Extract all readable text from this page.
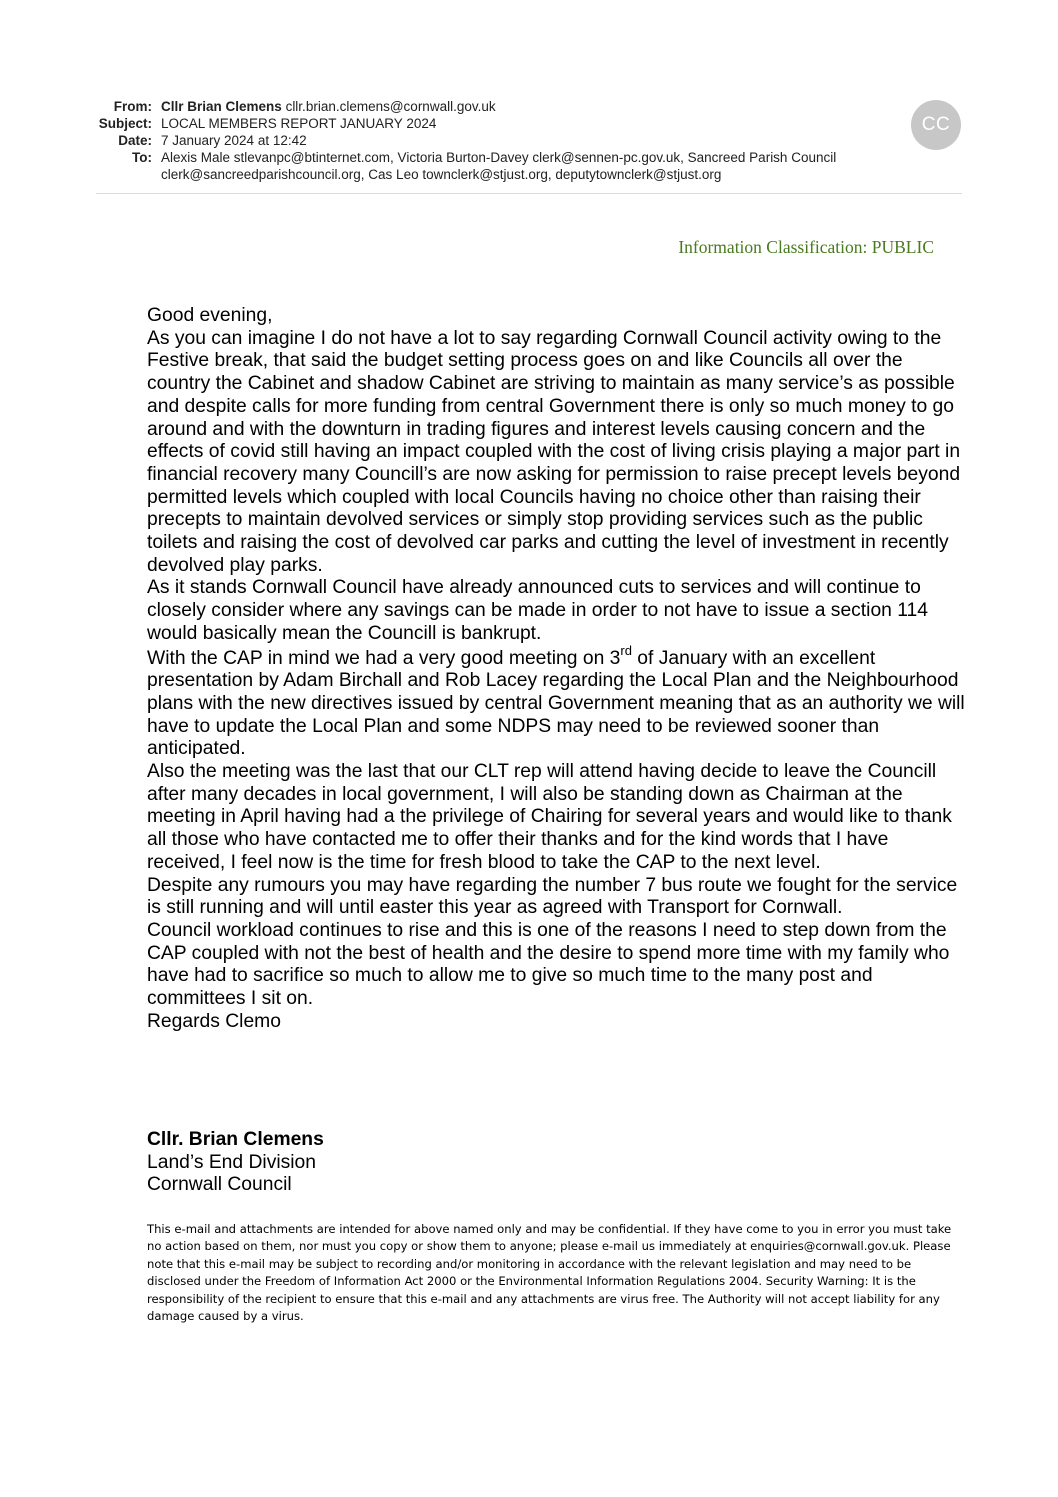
From: Cllr Brian Clemens cllr.brian.clemens@cornwall.gov.uk
Subject: LOCAL MEMBERS REPORT JANUARY 2024
Date: 7 January 2024 at 12:42
To: Alexis Male stlevanpc@btinternet.com, Victoria Burton-Davey clerk@sennen-pc.gov.uk, Sancreed Parish Council
clerk@sancreedparishcouncil.org, Cas Leo townclerk@stjust.org, deputytownclerk@stjust.org
CC
Information Classification: PUBLIC

Good evening,

As you can imagine I do not have a lot to say regarding Cornwall Council activity owing to the Festive break, that said the budget setting process goes on and like Councils all over the country the Cabinet and shadow Cabinet are striving to maintain as many service’s as possible and despite calls for more funding from central Government there is only so much money to go around and with the downturn in trading figures and interest levels causing concern and the effects of covid still having an impact coupled with the cost of living crisis playing a major part in financial recovery many Councill’s are now asking for permission to raise precept levels beyond permitted levels which coupled with local Councils having no choice other than raising their precepts to maintain devolved services or simply stop providing services such as the public toilets and raising the cost of devolved car parks and cutting the level of investment in recently devolved play parks.

As it stands Cornwall Council have already announced cuts to services and will continue to closely consider where any savings can be made in order to not have to issue a section 114 would basically mean the Councill is bankrupt.

With the CAP in mind we had a very good meeting on 3rd of January with an excellent presentation by Adam Birchall and Rob Lacey regarding the Local Plan and the Neighbourhood plans with the new directives issued by central Government meaning that as an authority we will have to update the Local Plan and some NDPS may need to be reviewed sooner than anticipated.

Also the meeting was the last that our CLT rep will attend having decide to leave the Councill after many decades in local government, I will also be standing down as Chairman at the meeting in April having had a the privilege of Chairing for several years and would like to thank all those who have contacted me to offer their thanks and for the kind words that I have received, I feel now is the time for fresh blood to take the CAP to the next level.

Despite any rumours you may have regarding the number 7 bus route we fought for the service is still running and will until easter this year as agreed with Transport for Cornwall.

Council workload continues to rise and this is one of the reasons I need to step down from the CAP coupled with not the best of health and the desire to spend more time with my family who have had to sacrifice so much to allow me to give so much time to the many post and committees I sit on.

Regards Clemo

Cllr. Brian Clemens
Land’s End Division
Cornwall Council
This e-mail and attachments are intended for above named only and may be confidential. If they have come to you in error you must take no action based on them, nor must you copy or show them to anyone; please e-mail us immediately at enquiries@cornwall.gov.uk. Please note that this e-mail may be subject to recording and/or monitoring in accordance with the relevant legislation and may need to be disclosed under the Freedom of Information Act 2000 or the Environmental Information Regulations 2004. Security Warning: It is the responsibility of the recipient to ensure that this e-mail and any attachments are virus free. The Authority will not accept liability for any damage caused by a virus.
